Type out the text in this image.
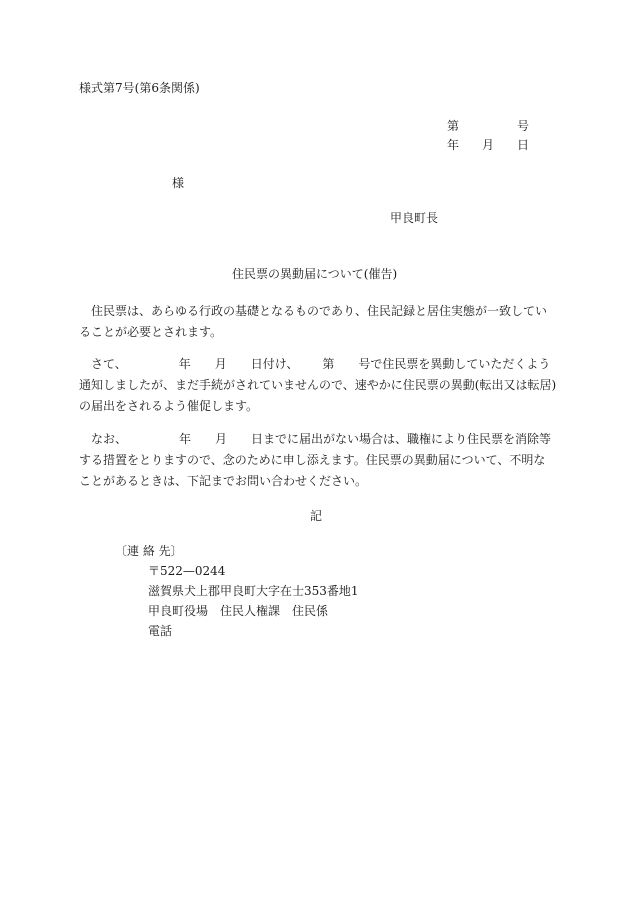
様式第7号(第6条関係)
第	号
年 月 日
様
甲良町長
住民票の異動届について(催告)
住民票は、あらゆる行政の基礎となるものであり、住民記録と居住実態が一致していることが必要とされます。
さて、	年 月 日付け、 第 号で住民票を異動していただくよう通知しましたが、まだ手続がされていませんので、速やかに住民票の異動(転出又は転居)の届出をされるよう催促します。
なお、	年 月 日までに届出がない場合は、職権により住民票を消除等する措置をとりますので、念のために申し添えます。住民票の異動届について、不明なことがあるときは、下記までお問い合わせください。
記
〔連 絡 先〕
〒522—0244
滋賀県犬上郡甲良町大字在士353番地1
甲良町役場　住民人権課　住民係
電話
